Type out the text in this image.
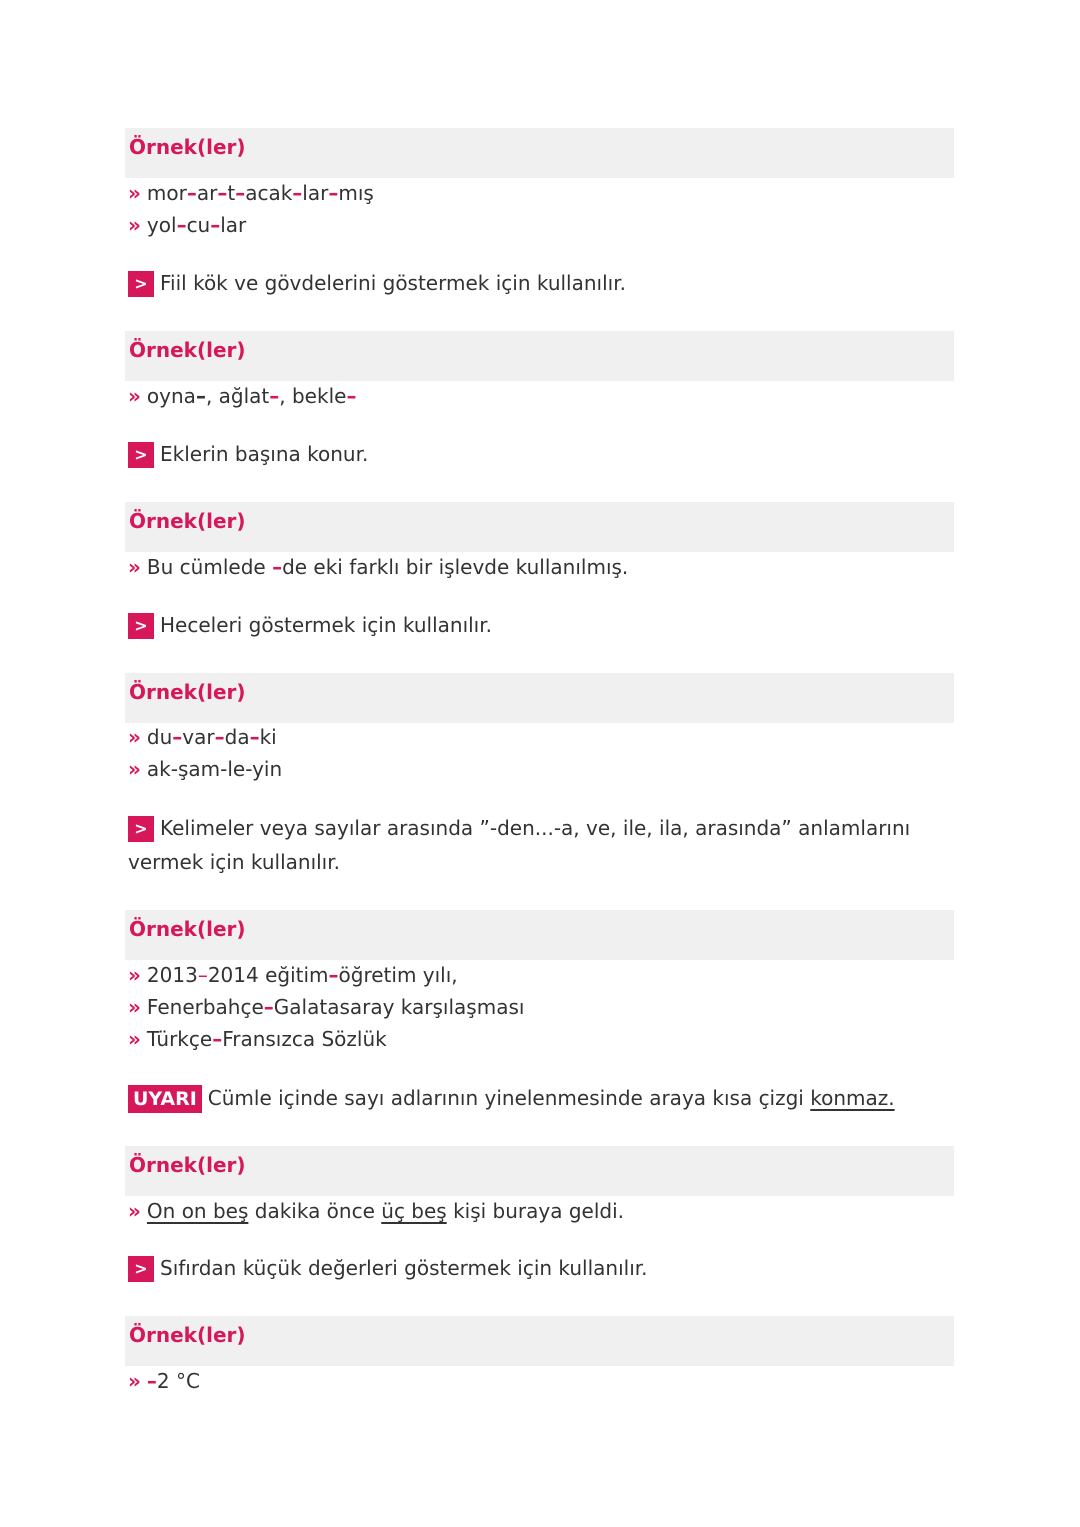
Örnek(ler)
» mor–ar–t–acak–lar–mış
» yol–cu–lar
> Fiil kök ve gövdelerini göstermek için kullanılır.
Örnek(ler)
» oyna–, ağlat–, bekle–
> Eklerin başına konur.
Örnek(ler)
» Bu cümlede –de eki farklı bir işlevde kullanılmış.
> Heceleri göstermek için kullanılır.
Örnek(ler)
» du–var–da–ki
» ak-şam-le-yin
> Kelimeler veya sayılar arasında ”-den...-a, ve, ile, ila, arasında” anlamlarını vermek için kullanılır.
Örnek(ler)
» 2013–2014 eğitim–öğretim yılı,
» Fenerbahçe–Galatasaray karşılaşması
» Türkçe–Fransızca Sözlük
UYARI Cümle içinde sayı adlarının yinelenmesinde araya kısa çizgi konmaz.
Örnek(ler)
» On on beş dakika önce üç beş kişi buraya geldi.
> Sıfırdan küçük değerleri göstermek için kullanılır.
Örnek(ler)
» –2 °C
